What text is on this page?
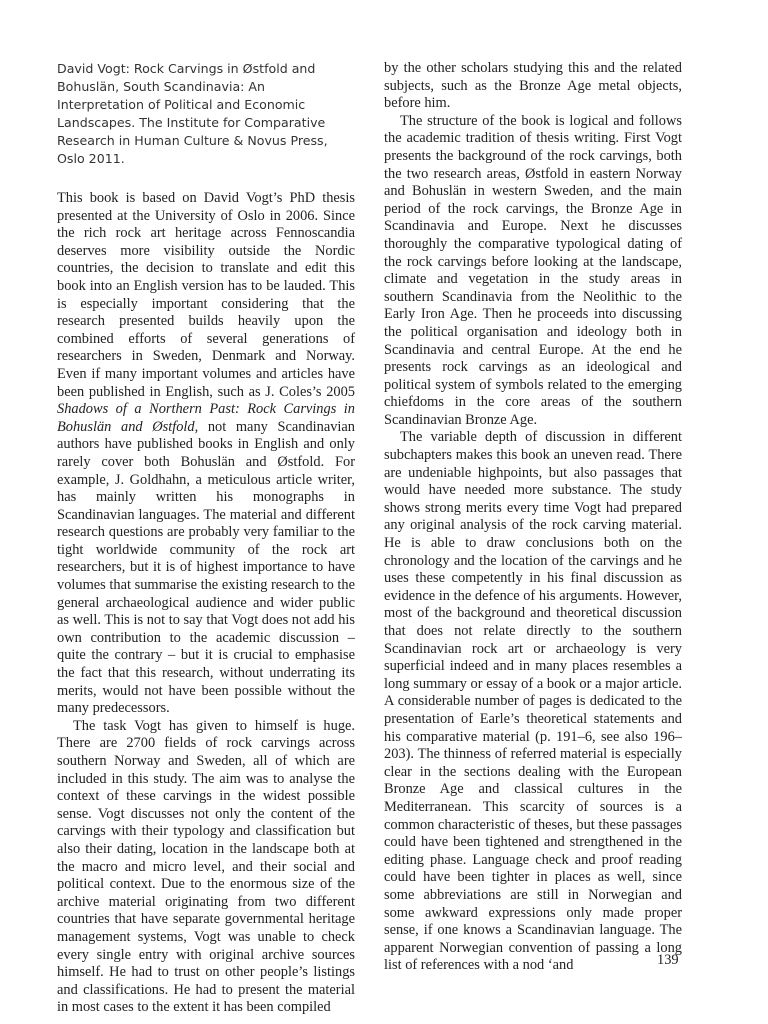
David Vogt: Rock Carvings in Østfold and Bohuslän, South Scandinavia: An Interpretation of Political and Economic Landscapes. The Institute for Comparative Research in Human Culture & Novus Press, Oslo 2011.

This book is based on David Vogt’s PhD thesis presented at the University of Oslo in 2006. Since the rich rock art heritage across Fennoscandia deserves more visibility outside the Nordic countries, the decision to translate and edit this book into an English version has to be lauded. This is especially important considering that the research presented builds heavily upon the combined efforts of several generations of researchers in Sweden, Denmark and Norway. Even if many important volumes and articles have been published in English, such as J. Coles’s 2005 Shadows of a Northern Past: Rock Carvings in Bohuslän and Østfold, not many Scandinavian authors have published books in English and only rarely cover both Bohuslän and Østfold. For example, J. Goldhahn, a meticulous article writer, has mainly written his monographs in Scandinavian languages. The material and different research questions are probably very familiar to the tight worldwide community of the rock art researchers, but it is of highest importance to have volumes that summarise the existing research to the general archaeological audience and wider public as well. This is not to say that Vogt does not add his own contribution to the academic discussion – quite the contrary – but it is crucial to emphasise the fact that this research, without underrating its merits, would not have been possible without the many predecessors.

The task Vogt has given to himself is huge. There are 2700 fields of rock carvings across southern Norway and Sweden, all of which are included in this study. The aim was to analyse the context of these carvings in the widest possible sense. Vogt discusses not only the content of the carvings with their typology and classification but also their dating, location in the landscape both at the macro and micro level, and their social and political context. Due to the enormous size of the archive material originating from two different countries that have separate governmental heritage management systems, Vogt was unable to check every single entry with original archive sources himself. He had to trust on other people’s listings and classifications. He had to present the material in most cases to the extent it has been compiled

by the other scholars studying this and the related subjects, such as the Bronze Age metal objects, before him.

The structure of the book is logical and follows the academic tradition of thesis writing. First Vogt presents the background of the rock carvings, both the two research areas, Østfold in eastern Norway and Bohuslän in western Sweden, and the main period of the rock carvings, the Bronze Age in Scandinavia and Europe. Next he discusses thoroughly the comparative typological dating of the rock carvings before looking at the landscape, climate and vegetation in the study areas in southern Scandinavia from the Neolithic to the Early Iron Age. Then he proceeds into discussing the political organisation and ideology both in Scandinavia and central Europe. At the end he presents rock carvings as an ideological and political system of symbols related to the emerging chiefdoms in the core areas of the southern Scandinavian Bronze Age.

The variable depth of discussion in different subchapters makes this book an uneven read. There are undeniable highpoints, but also passages that would have needed more substance. The study shows strong merits every time Vogt had prepared any original analysis of the rock carving material. He is able to draw conclusions both on the chronology and the location of the carvings and he uses these competently in his final discussion as evidence in the defence of his arguments. However, most of the background and theoretical discussion that does not relate directly to the southern Scandinavian rock art or archaeology is very superficial indeed and in many places resembles a long summary or essay of a book or a major article. A considerable number of pages is dedicated to the presentation of Earle’s theoretical statements and his comparative material (p. 191–6, see also 196–203). The thinness of referred material is especially clear in the sections dealing with the European Bronze Age and classical cultures in the Mediterranean. This scarcity of sources is a common characteristic of theses, but these passages could have been tightened and strengthened in the editing phase. Language check and proof reading could have been tighter in places as well, since some abbreviations are still in Norwegian and some awkward expressions only made proper sense, if one knows a Scandinavian language. The apparent Norwegian convention of passing a long list of references with a nod ‘and	139
